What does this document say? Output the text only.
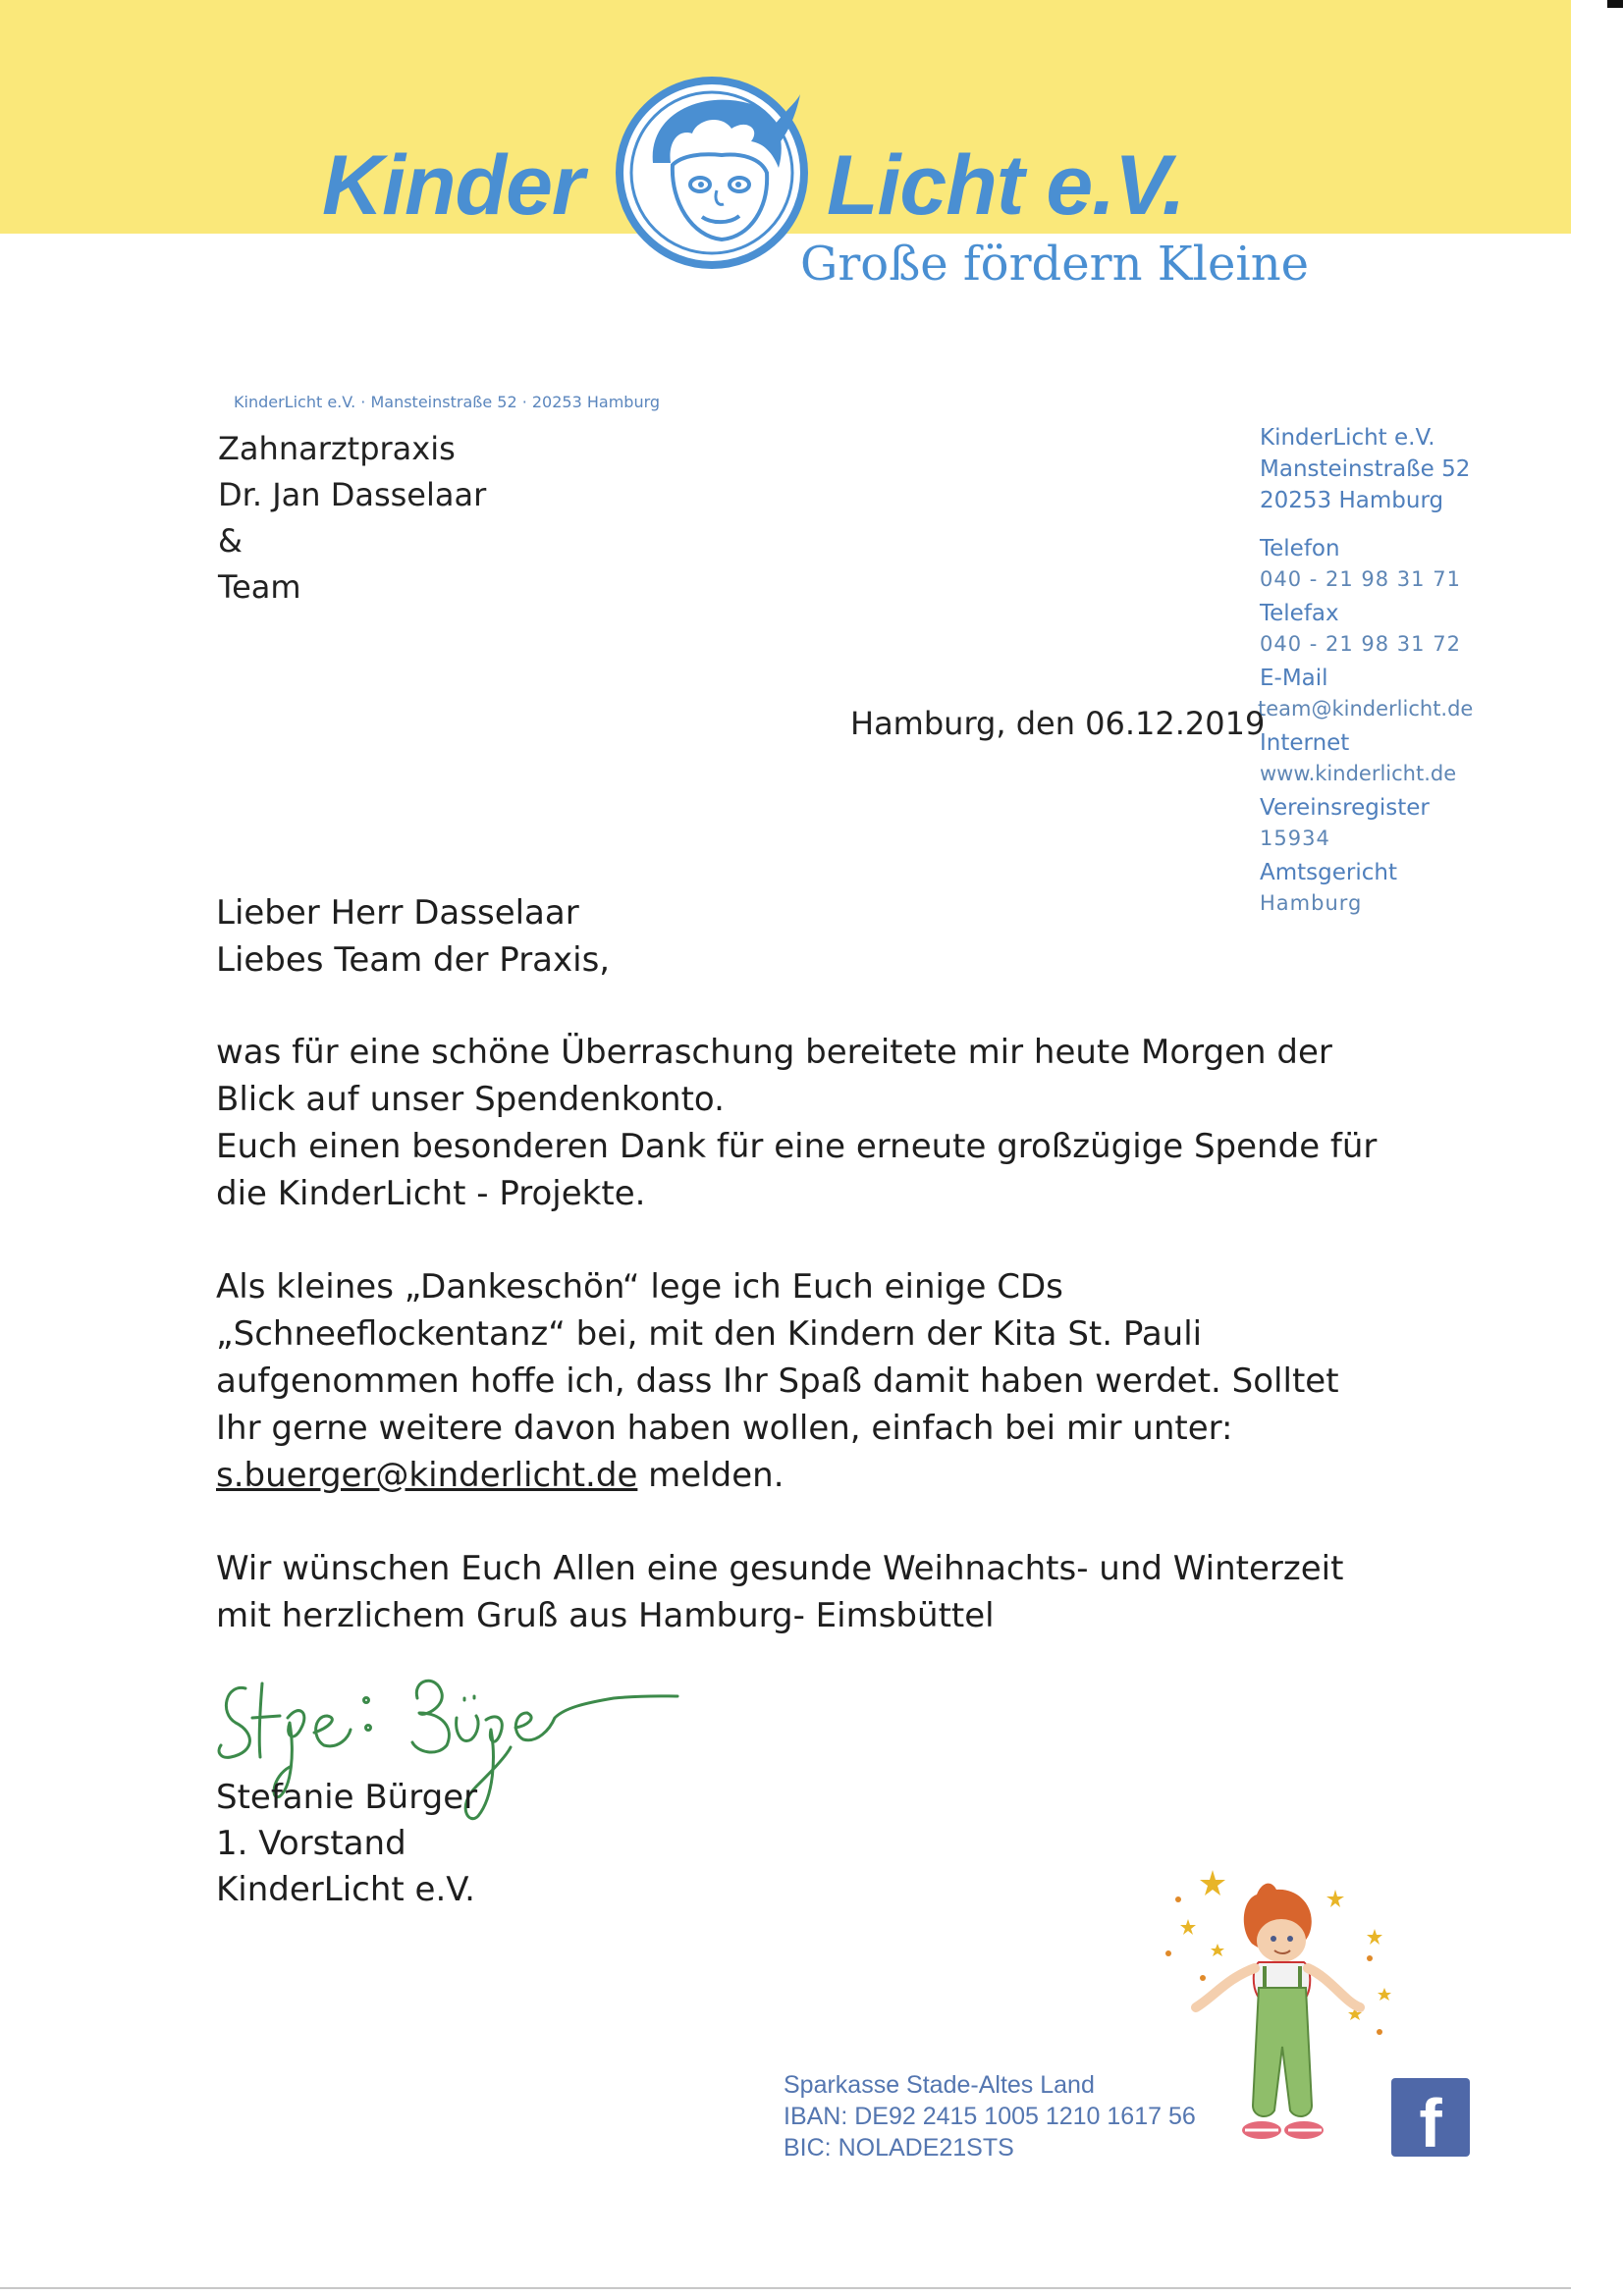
Kinder	Licht e.V.
Große fördern Kleine
KinderLicht e.V. · Mansteinstraße 52 · 20253 Hamburg
Zahnarztpraxis
Dr. Jan Dasselaar
&
Team
KinderLicht e.V.
Mansteinstraße 52
20253 Hamburg
Telefon
040 - 21 98 31 71
Telefax
040 - 21 98 31 72
E-Mail
team@kinderlicht.de
Internet
www.kinderlicht.de
Vereinsregister
15934
Amtsgericht
Hamburg
Hamburg, den 06.12.2019
Lieber Herr Dasselaar
Liebes Team der Praxis,
was für eine schöne Überraschung bereitete mir heute Morgen der
Blick auf unser Spendenkonto.
Euch einen besonderen Dank für eine erneute großzügige Spende für
die KinderLicht - Projekte.
Als kleines „Dankeschön“ lege ich Euch einige CDs
„Schneeflockentanz“ bei, mit den Kindern der Kita St. Pauli
aufgenommen hoffe ich, dass Ihr Spaß damit haben werdet. Solltet
Ihr gerne weitere davon haben wollen, einfach bei mir unter:
s.buerger@kinderlicht.de melden.
Wir wünschen Euch Allen eine gesunde Weihnachts- und Winterzeit
mit herzlichem Gruß aus Hamburg- Eimsbüttel
Stefanie Bürger
1. Vorstand
KinderLicht e.V.
Sparkasse Stade-Altes Land
IBAN: DE92 2415 1005 1210 1617 56
BIC: NOLADE21STS	f
